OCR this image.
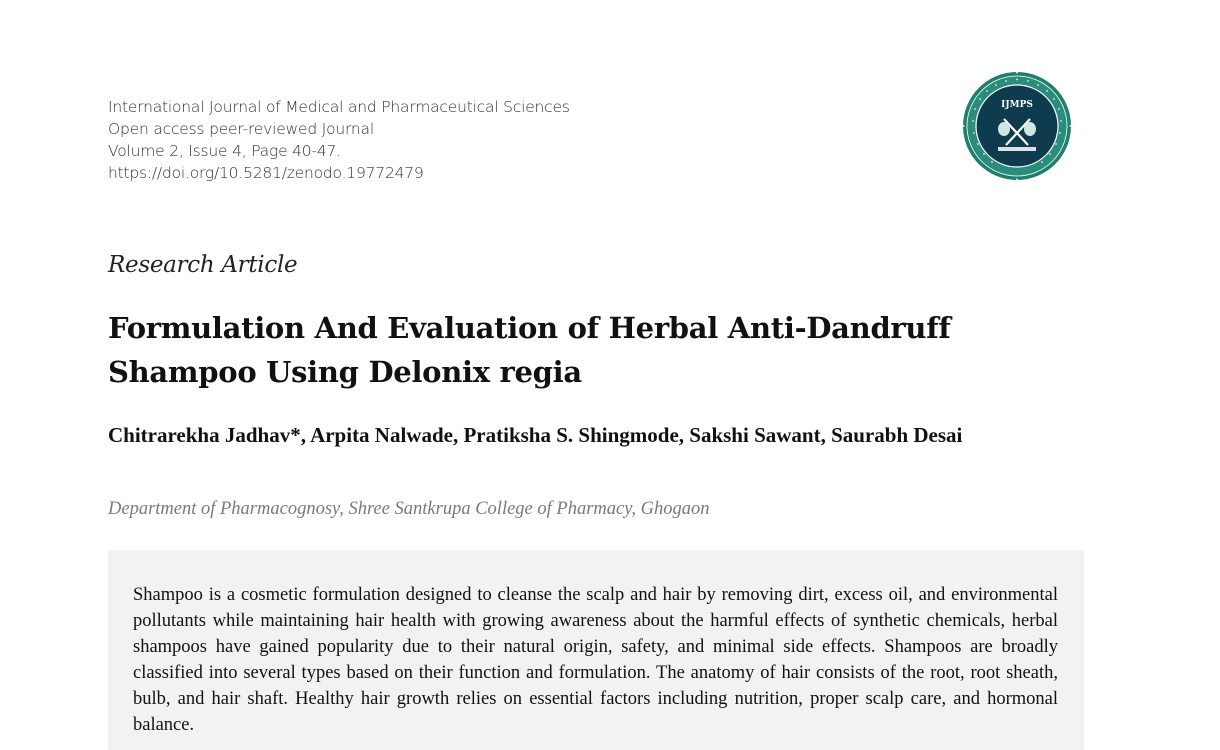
International Journal of Medical and Pharmaceutical Sciences
Open access peer-reviewed Journal
Volume 2, Issue 4, Page 40-47.
https://doi.org/10.5281/zenodo.19772479
IJMPS
Research Article
Formulation And Evaluation of Herbal Anti-Dandruff Shampoo Using Delonix regia
Chitrarekha Jadhav*, Arpita Nalwade, Pratiksha S. Shingmode, Sakshi Sawant, Saurabh Desai
Department of Pharmacognosy, Shree Santkrupa College of Pharmacy, Ghogaon
Shampoo is a cosmetic formulation designed to cleanse the scalp and hair by removing dirt, excess oil, and environmental pollutants while maintaining hair health with growing awareness about the harmful effects of synthetic chemicals, herbal shampoos have gained popularity due to their natural origin, safety, and minimal side effects. Shampoos are broadly classified into several types based on their function and formulation. The anatomy of hair consists of the root, root sheath, bulb, and hair shaft. Healthy hair growth relies on essential factors including nutrition, proper scalp care, and hormonal balance.
